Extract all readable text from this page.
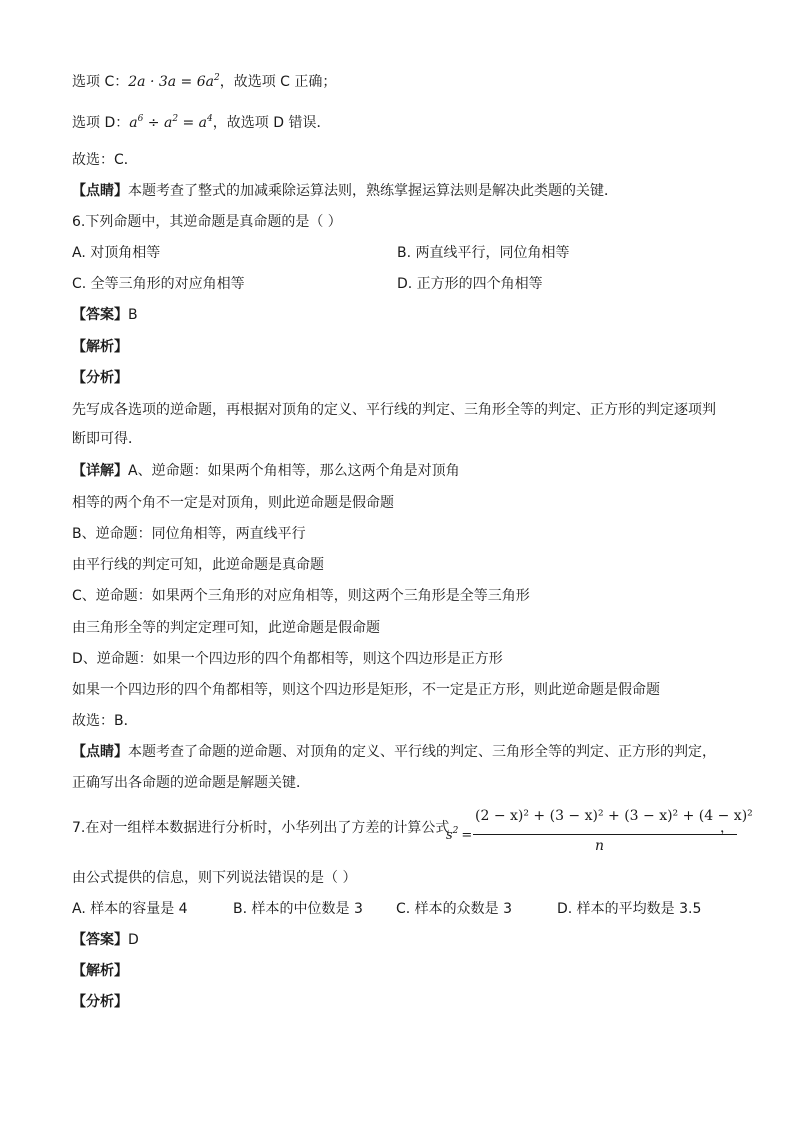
选项 C：$2a \cdot 3a = 6a^2$，故选项 C 正确；
选项 D：$a^6 \div a^2 = a^4$，故选项 D 错误．
故选：C．
【点睛】本题考查了整式的加减乘除运算法则，熟练掌握运算法则是解决此类题的关键．
6.下列命题中，其逆命题是真命题的是（ ）
A. 对顶角相等	B. 两直线平行，同位角相等
C. 全等三角形的对应角相等	D. 正方形的四个角相等
【答案】B
【解析】
【分析】
先写成各选项的逆命题，再根据对顶角的定义、平行线的判定、三角形全等的判定、正方形的判定逐项判
断即可得．
【详解】A、逆命题：如果两个角相等，那么这两个角是对顶角
相等的两个角不一定是对顶角，则此逆命题是假命题
B、逆命题：同位角相等，两直线平行
由平行线的判定可知，此逆命题是真命题
C、逆命题：如果两个三角形的对应角相等，则这两个三角形是全等三角形
由三角形全等的判定定理可知，此逆命题是假命题
D、逆命题：如果一个四边形的四个角都相等，则这个四边形是正方形
如果一个四边形的四个角都相等，则这个四边形是矩形，不一定是正方形，则此逆命题是假命题
故选：B．
【点睛】本题考查了命题的逆命题、对顶角的定义、平行线的判定、三角形全等的判定、正方形的判定，
正确写出各命题的逆命题是解题关键．
7.在对一组样本数据进行分析时，小华列出了方差的计算公式
$s^2$ =
(2 − x)² + (3 − x)² + (3 − x)² + (4 − x)²
n
，
由公式提供的信息，则下列说法错误的是（ ）
A. 样本的容量是 4	B. 样本的中位数是 3 C. 样本的众数是 3	D. 样本的平均数是 3.5
【答案】D
【解析】
【分析】
